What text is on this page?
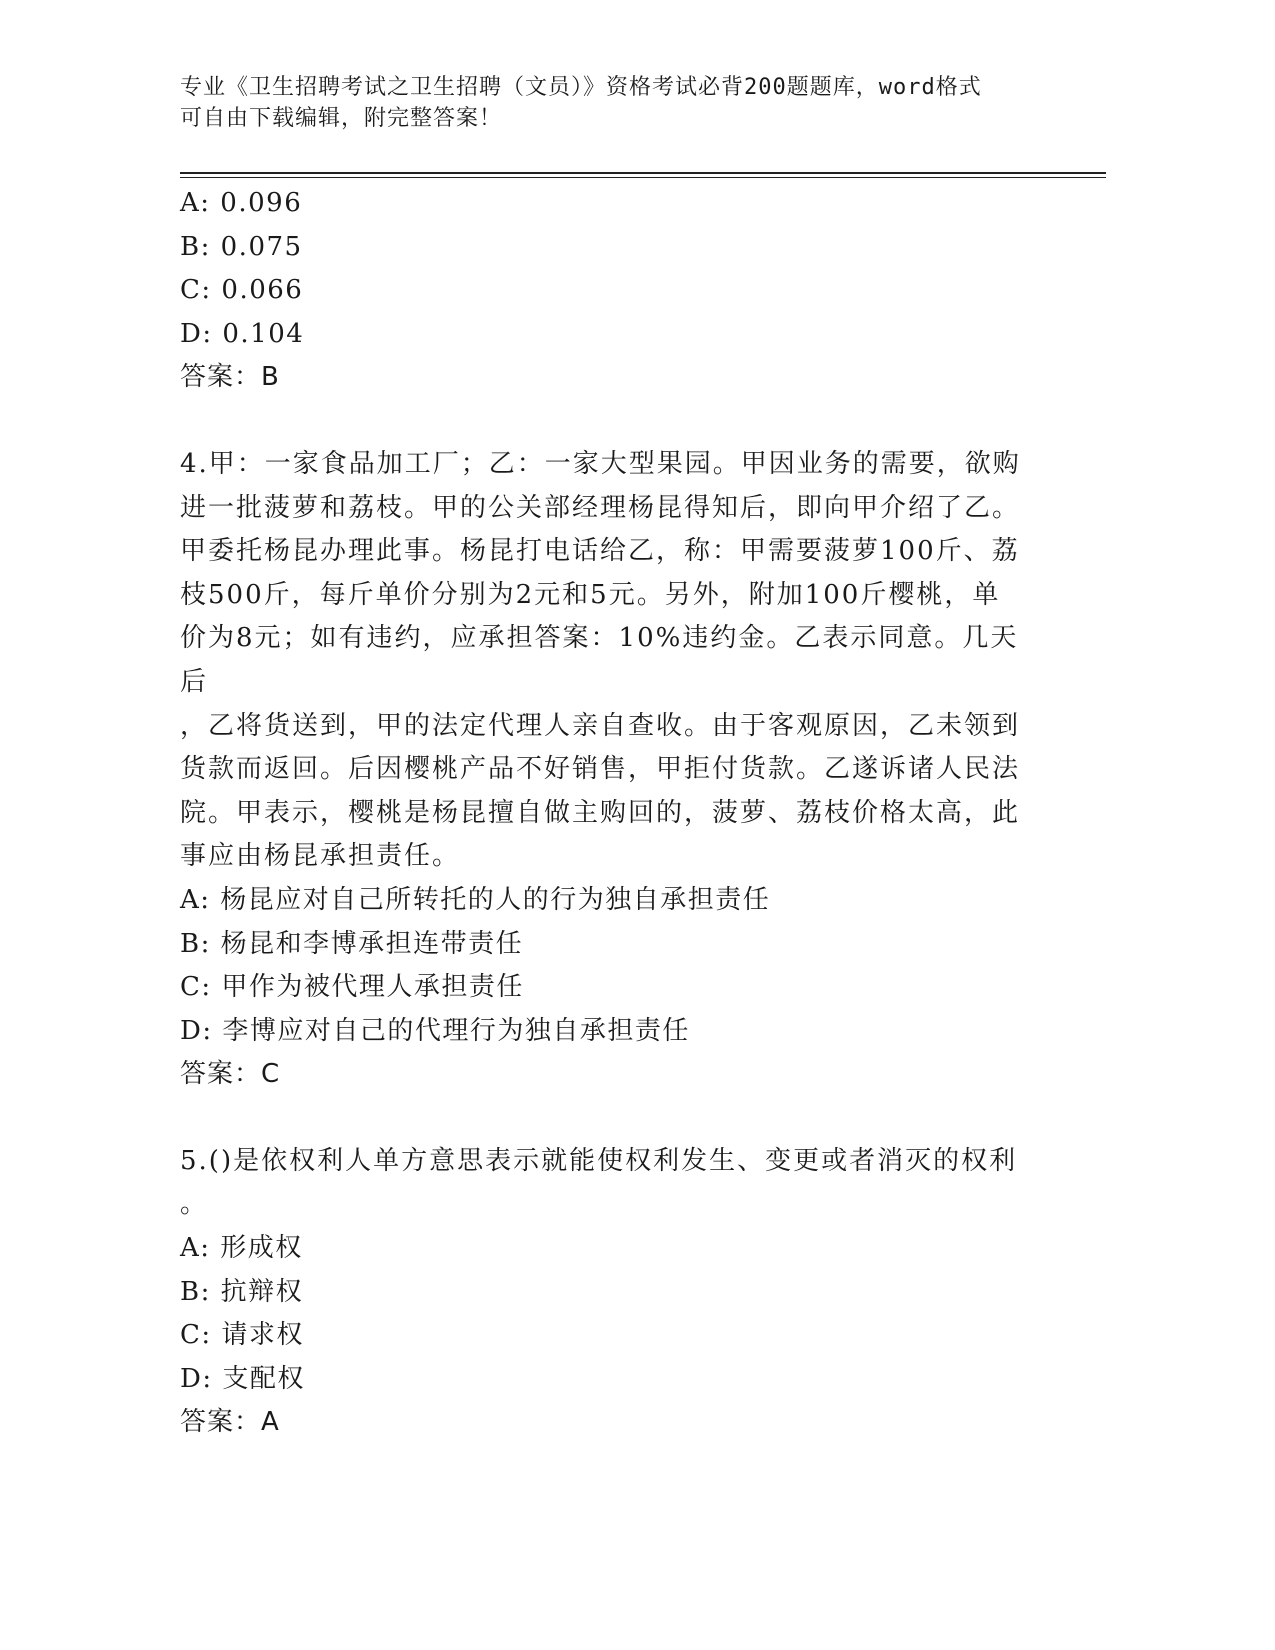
专业《卫生招聘考试之卫生招聘（文员）》资格考试必背200题题库，word格式
可自由下载编辑，附完整答案！

A: 0.096

B: 0.075

C: 0.066

D: 0.104

答案：B

4.甲：一家食品加工厂；乙：一家大型果园。甲因业务的需要，欲购

进一批菠萝和荔枝。甲的公关部经理杨昆得知后，即向甲介绍了乙。

甲委托杨昆办理此事。杨昆打电话给乙，称：甲需要菠萝100斤、荔

枝500斤，每斤单价分别为2元和5元。另外，附加100斤樱桃，单

价为8元；如有违约，应承担答案：10%违约金。乙表示同意。几天后

，乙将货送到，甲的法定代理人亲自查收。由于客观原因，乙未领到

货款而返回。后因樱桃产品不好销售，甲拒付货款。乙遂诉诸人民法

院。甲表示，樱桃是杨昆擅自做主购回的，菠萝、荔枝价格太高，此

事应由杨昆承担责任。

A: 杨昆应对自己所转托的人的行为独自承担责任

B: 杨昆和李博承担连带责任

C: 甲作为被代理人承担责任

D: 李博应对自己的代理行为独自承担责任

答案：C

5.()是依权利人单方意思表示就能使权利发生、变更或者消灭的权利

。

A: 形成权

B: 抗辩权

C: 请求权

D: 支配权

答案：A
